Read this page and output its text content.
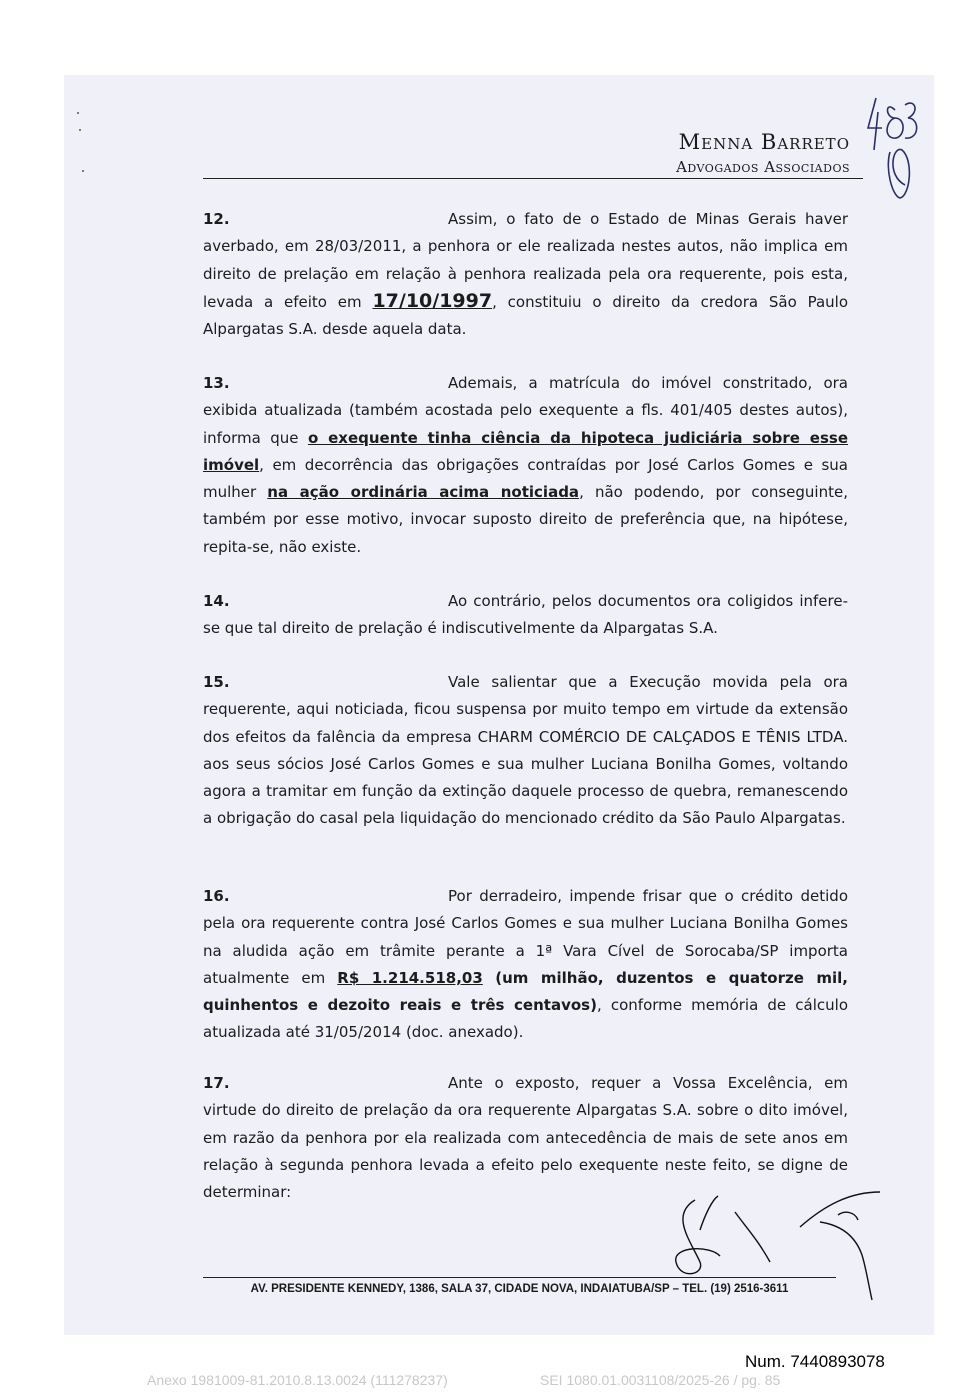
Menna Barreto
Advogados Associados
12.	Assim, o fato de o Estado de Minas Gerais haver averbado, em 28/03/2011, a penhora or ele realizada nestes autos, não implica em direito de prelação em relação à penhora realizada pela ora requerente, pois esta, levada a efeito em 17/10/1997, constituiu o direito da credora São Paulo Alpargatas S.A. desde aquela data.
13.	Ademais, a matrícula do imóvel constritado, ora exibida atualizada (também acostada pelo exequente a fls. 401/405 destes autos), informa que o exequente tinha ciência da hipoteca judiciária sobre esse imóvel, em decorrência das obrigações contraídas por José Carlos Gomes e sua mulher na ação ordinária acima noticiada, não podendo, por conseguinte, também por esse motivo, invocar suposto direito de preferência que, na hipótese, repita-se, não existe.
14.	Ao contrário, pelos documentos ora coligidos infere-se que tal direito de prelação é indiscutivelmente da Alpargatas S.A.
15.	Vale salientar que a Execução movida pela ora requerente, aqui noticiada, ficou suspensa por muito tempo em virtude da extensão dos efeitos da falência da empresa CHARM COMÉRCIO DE CALÇADOS E TÊNIS LTDA. aos seus sócios José Carlos Gomes e sua mulher Luciana Bonilha Gomes, voltando agora a tramitar em função da extinção daquele processo de quebra, remanescendo a obrigação do casal pela liquidação do mencionado crédito da São Paulo Alpargatas.
16.	Por derradeiro, impende frisar que o crédito detido pela ora requerente contra José Carlos Gomes e sua mulher Luciana Bonilha Gomes na aludida ação em trâmite perante a 1ª Vara Cível de Sorocaba/SP importa atualmente em R$ 1.214.518,03 (um milhão, duzentos e quatorze mil, quinhentos e dezoito reais e três centavos), conforme memória de cálculo atualizada até 31/05/2014 (doc. anexado).
17.	Ante o exposto, requer a Vossa Excelência, em virtude do direito de prelação da ora requerente Alpargatas S.A. sobre o dito imóvel, em razão da penhora por ela realizada com antecedência de mais de sete anos em relação à segunda penhora levada a efeito pelo exequente neste feito, se digne de determinar:
AV. PRESIDENTE KENNEDY, 1386, SALA 37, CIDADE NOVA, INDAIATUBA/SP – TEL. (19) 2516-3611
Num. 7440893078
Anexo 1981009-81.2010.8.13.0024 (111278237)	SEI 1080.01.0031108/2025-26 / pg. 85
